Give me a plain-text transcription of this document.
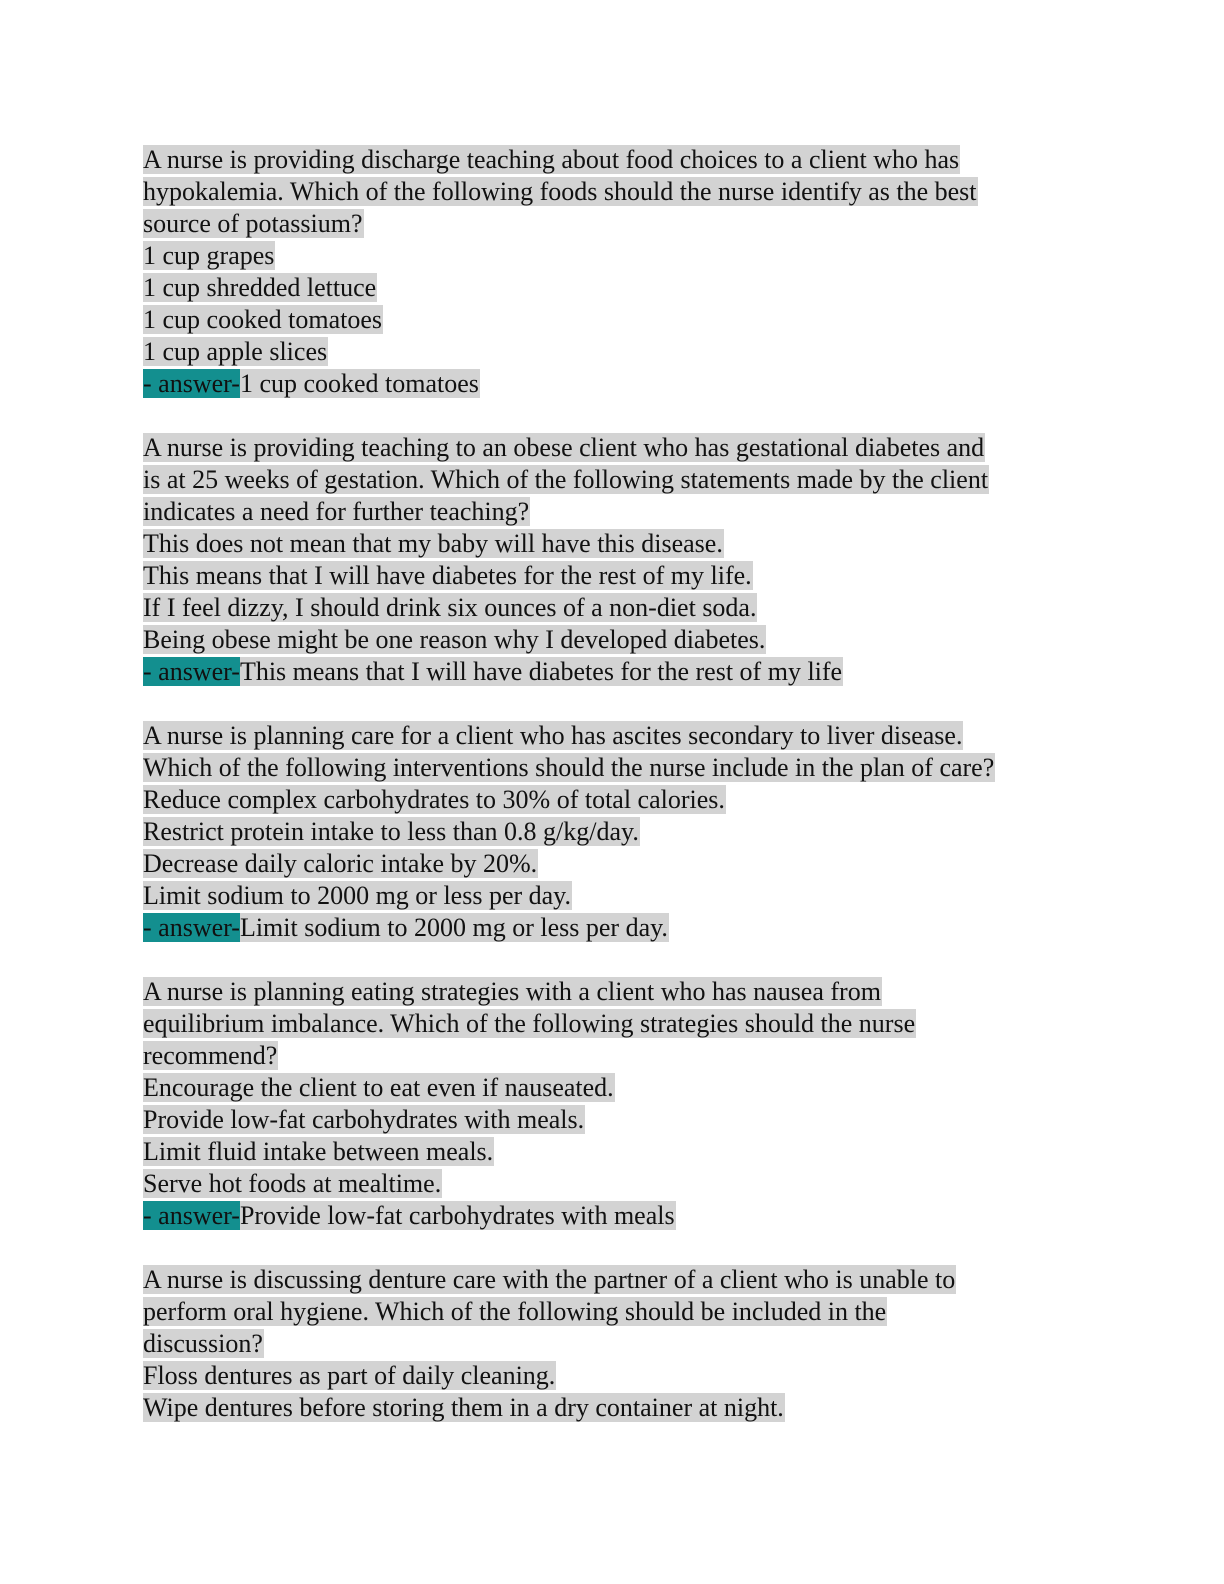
A nurse is providing discharge teaching about food choices to a client who has
hypokalemia. Which of the following foods should the nurse identify as the best
source of potassium?
1 cup grapes
1 cup shredded lettuce
1 cup cooked tomatoes
1 cup apple slices
- answer-1 cup cooked tomatoes
A nurse is providing teaching to an obese client who has gestational diabetes and
is at 25 weeks of gestation. Which of the following statements made by the client
indicates a need for further teaching?
This does not mean that my baby will have this disease.
This means that I will have diabetes for the rest of my life.
If I feel dizzy, I should drink six ounces of a non-diet soda.
Being obese might be one reason why I developed diabetes.
- answer-This means that I will have diabetes for the rest of my life
A nurse is planning care for a client who has ascites secondary to liver disease.
Which of the following interventions should the nurse include in the plan of care?
Reduce complex carbohydrates to 30% of total calories.
Restrict protein intake to less than 0.8 g/kg/day.
Decrease daily caloric intake by 20%.
Limit sodium to 2000 mg or less per day.
- answer-Limit sodium to 2000 mg or less per day.
A nurse is planning eating strategies with a client who has nausea from
equilibrium imbalance. Which of the following strategies should the nurse
recommend?
Encourage the client to eat even if nauseated.
Provide low-fat carbohydrates with meals.
Limit fluid intake between meals.
Serve hot foods at mealtime.
- answer-Provide low-fat carbohydrates with meals
A nurse is discussing denture care with the partner of a client who is unable to
perform oral hygiene. Which of the following should be included in the
discussion?
Floss dentures as part of daily cleaning.
Wipe dentures before storing them in a dry container at night.
